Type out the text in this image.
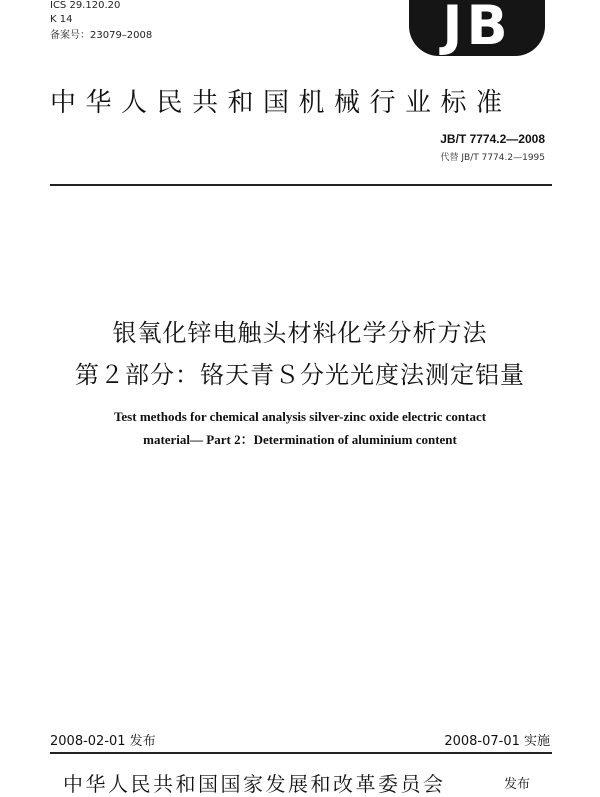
ICS 29.120.20
K 14
备案号：23079–2008	JB
中华人民共和国机械行业标准
JB/T 7774.2—2008
代替 JB/T 7774.2—1995
银氧化锌电触头材料化学分析方法
第２部分：铬天青Ｓ分光光度法测定铝量
Test methods for chemical analysis silver-zinc oxide electric contact
material— Part 2：Determination of aluminium content
2008-02-01 发布	2008-07-01 实施
中华人民共和国国家发展和改革委员会	发布
